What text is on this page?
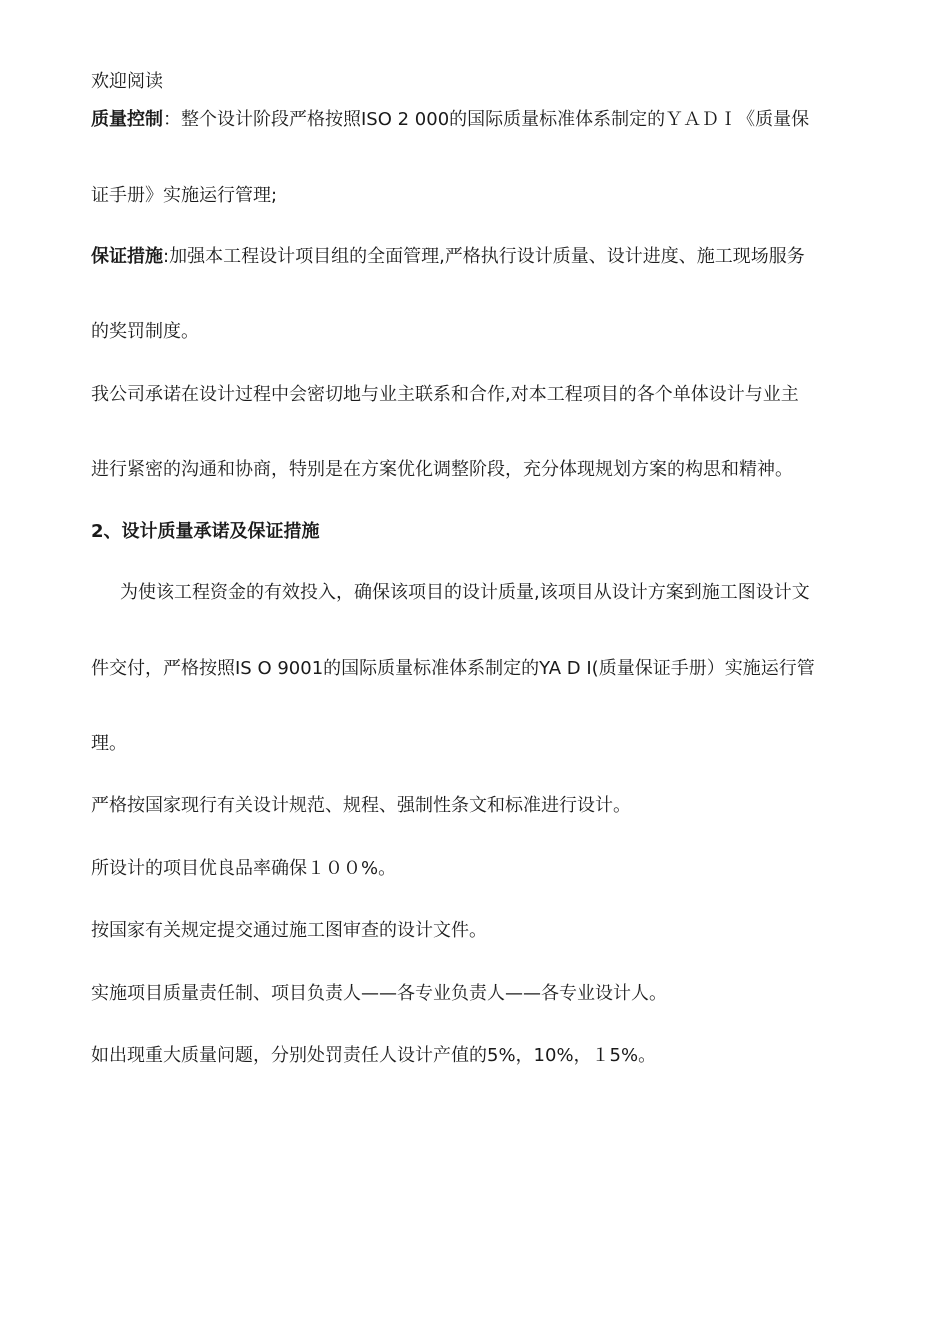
欢迎阅读
质量控制：整个设计阶段严格按照ISO 2 000的国际质量标准体系制定的ＹＡＤＩ《质量保
证手册》实施运行管理;
保证措施:加强本工程设计项目组的全面管理,严格执行设计质量、设计进度、施工现场服务
的奖罚制度。
我公司承诺在设计过程中会密切地与业主联系和合作,对本工程项目的各个单体设计与业主
进行紧密的沟通和协商，特别是在方案优化调整阶段，充分体现规划方案的构思和精神。
2、设计质量承诺及保证措施
为使该工程资金的有效投入，确保该项目的设计质量,该项目从设计方案到施工图设计文
件交付，严格按照IS O 9001的国际质量标准体系制定的YA D I(质量保证手册）实施运行管
理。
严格按国家现行有关设计规范、规程、强制性条文和标准进行设计。
所设计的项目优良品率确保１００%。
按国家有关规定提交通过施工图审查的设计文件。
实施项目质量责任制、项目负责人——各专业负责人——各专业设计人。
如出现重大质量问题，分别处罚责任人设计产值的5%，10%，１5%。
